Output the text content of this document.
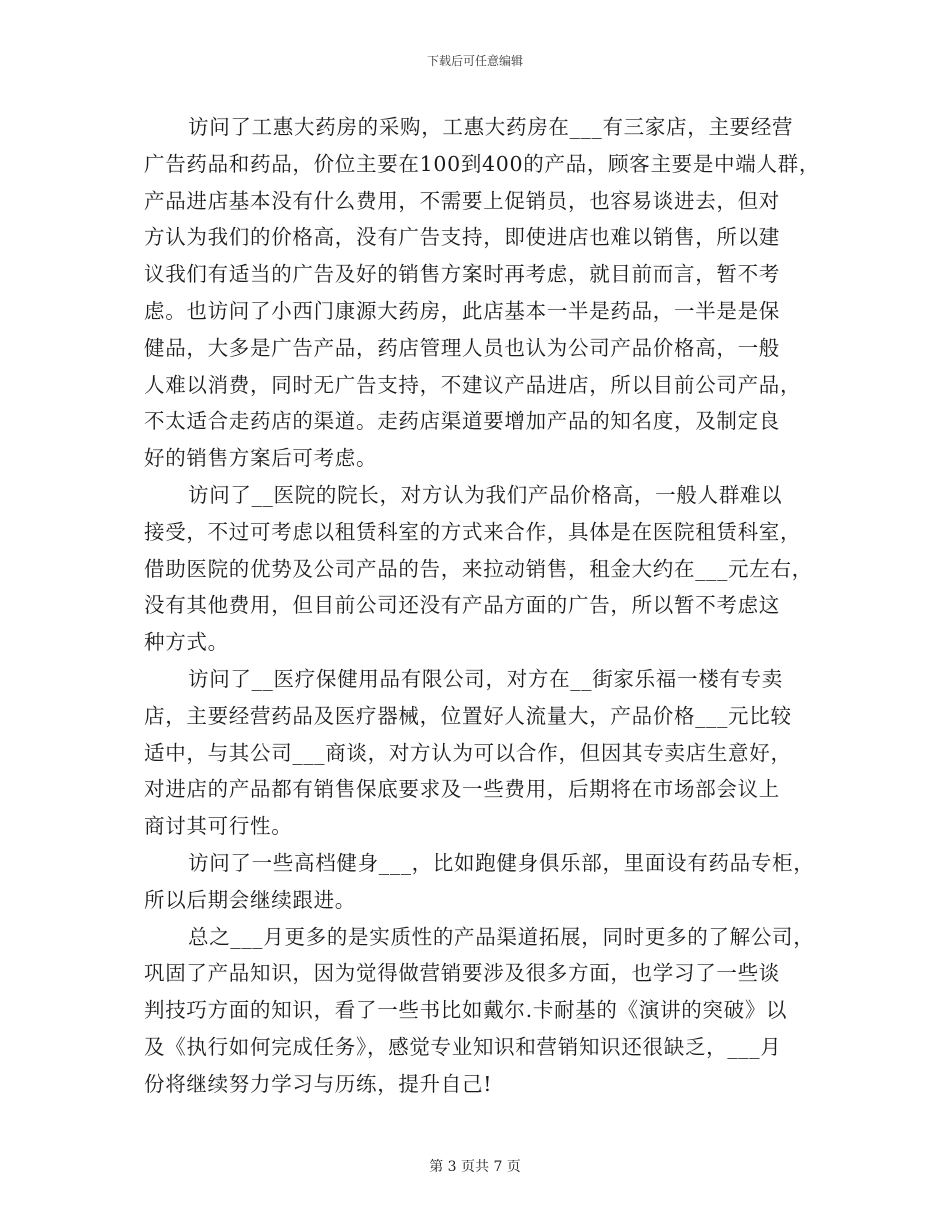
下载后可任意编辑
访问了工惠大药房的采购，工惠大药房在___有三家店，主要经营
广告药品和药品，价位主要在100到400的产品，顾客主要是中端人群，
产品进店基本没有什么费用，不需要上促销员，也容易谈进去，但对
方认为我们的价格高，没有广告支持，即使进店也难以销售，所以建
议我们有适当的广告及好的销售方案时再考虑，就目前而言，暂不考
虑。也访问了小西门康源大药房，此店基本一半是药品，一半是是保
健品，大多是广告产品，药店管理人员也认为公司产品价格高，一般
人难以消费，同时无广告支持，不建议产品进店，所以目前公司产品，
不太适合走药店的渠道。走药店渠道要增加产品的知名度，及制定良
好的销售方案后可考虑。
访问了__医院的院长，对方认为我们产品价格高，一般人群难以
接受，不过可考虑以租赁科室的方式来合作，具体是在医院租赁科室，
借助医院的优势及公司产品的告，来拉动销售，租金大约在___元左右，
没有其他费用，但目前公司还没有产品方面的广告，所以暂不考虑这
种方式。
访问了__医疗保健用品有限公司，对方在__街家乐福一楼有专卖
店，主要经营药品及医疗器械，位置好人流量大，产品价格___元比较
适中，与其公司___商谈，对方认为可以合作，但因其专卖店生意好，
对进店的产品都有销售保底要求及一些费用，后期将在市场部会议上
商讨其可行性。
访问了一些高档健身___，比如跑健身俱乐部，里面设有药品专柜，
所以后期会继续跟进。
总之___月更多的是实质性的产品渠道拓展，同时更多的了解公司，
巩固了产品知识，因为觉得做营销要涉及很多方面，也学习了一些谈
判技巧方面的知识，看了一些书比如戴尔.卡耐基的《演讲的突破》以
及《执行如何完成任务》，感觉专业知识和营销知识还很缺乏，___月
份将继续努力学习与历练，提升自己!
第 3 页共 7 页
